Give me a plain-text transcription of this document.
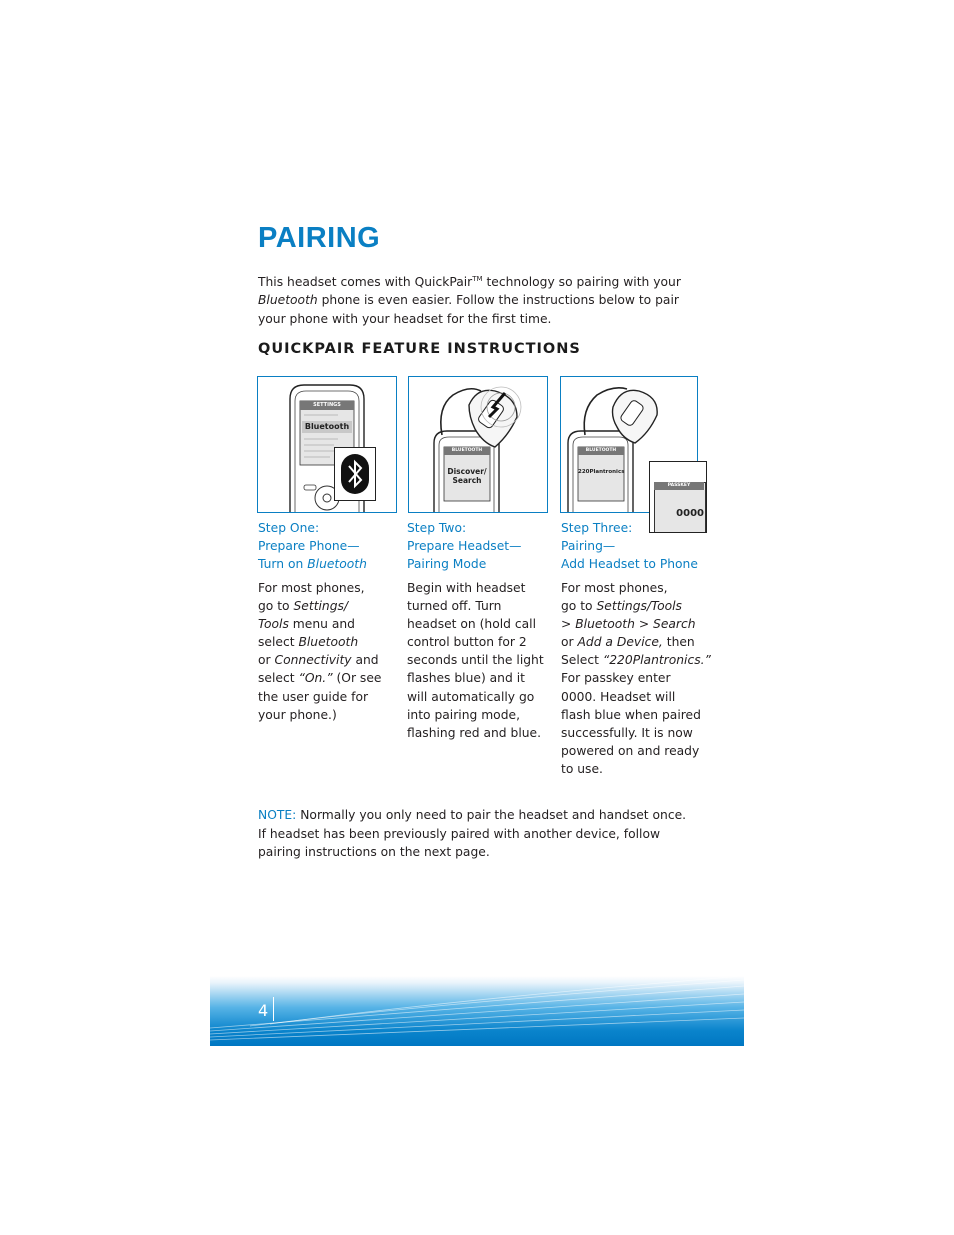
PAIRING
This headset comes with QuickPair™ technology so pairing with your Bluetooth phone is even easier. Follow the instructions below to pair your phone with your headset for the first time.
QUICKPAIR FEATURE INSTRUCTIONS
SETTINGS
Bluetooth
BLUETOOTH
Discover/
Search
BLUETOOTH
220Plantronics
PASSKEY
0000
Step One:
Prepare Phone—
Turn on Bluetooth
For most phones,
go to Settings/
Tools menu and
select Bluetooth
or Connectivity and
select “On.” (Or see
the user guide for
your phone.)
Step Two:
Prepare Headset—
Pairing Mode
Begin with headset
turned off. Turn
headset on (hold call
control button for 2
seconds until the light
flashes blue) and it
will automatically go
into pairing mode,
flashing red and blue.
Step Three:
Pairing—
Add Headset to Phone
For most phones,
go to Settings/Tools
> Bluetooth > Search
or Add a Device, then
Select “220Plantronics.”
For passkey enter
0000. Headset will
flash blue when paired
successfully. It is now
powered on and ready
to use.
NOTE: Normally you only need to pair the headset and handset once.
If headset has been previously paired with another device, follow
pairing instructions on the next page.
4
